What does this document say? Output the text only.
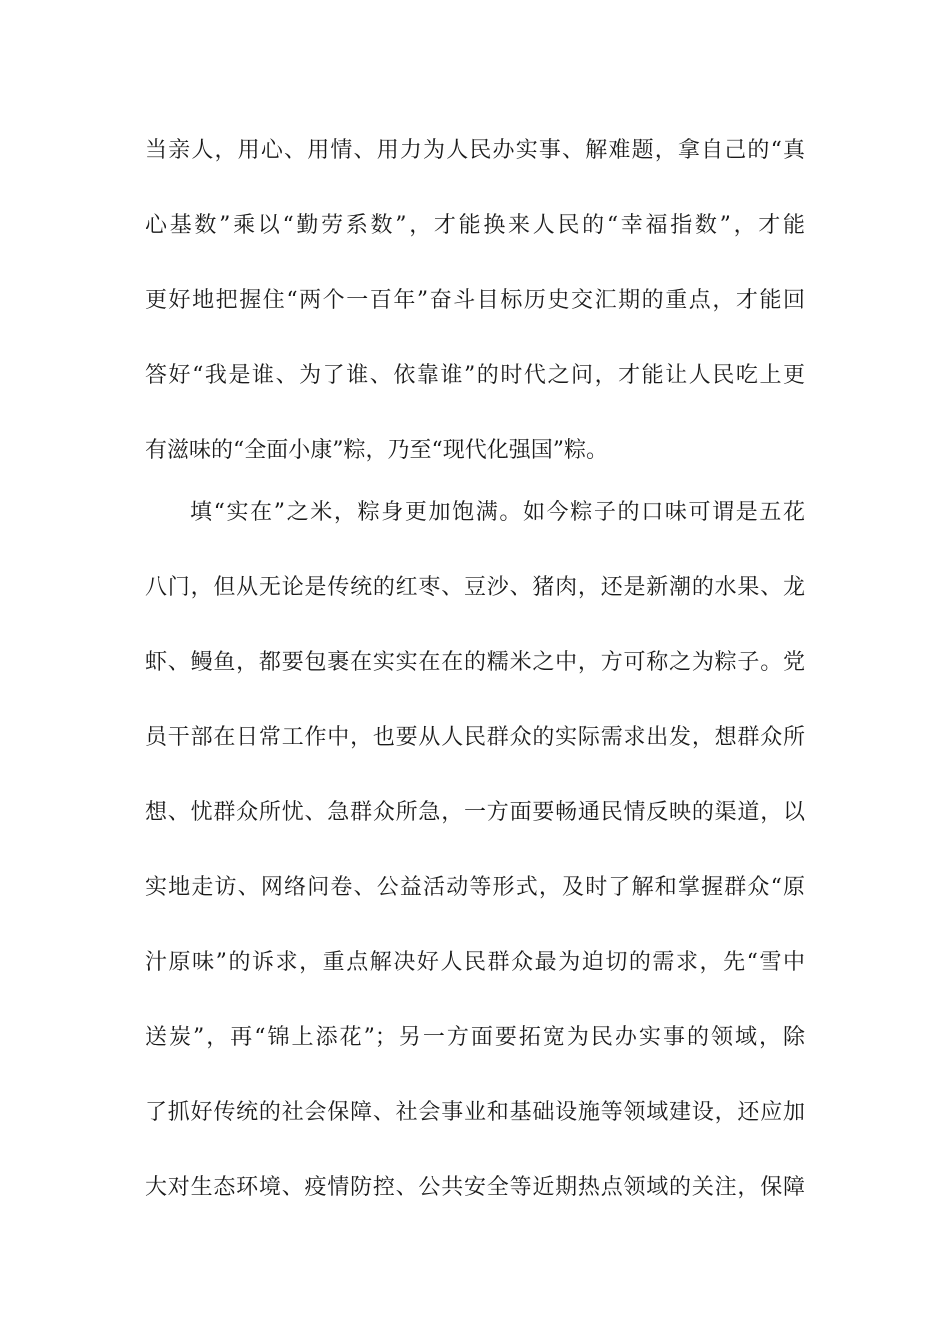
当亲人，用心、用情、用力为人民办实事、解难题，拿自己的“真
心基数”乘以“勤劳系数”，才能换来人民的“幸福指数”，才能
更好地把握住“两个一百年”奋斗目标历史交汇期的重点，才能回
答好“我是谁、为了谁、依靠谁”的时代之问，才能让人民吃上更
有滋味的“全面小康”粽，乃至“现代化强国”粽。
填“实在”之米，粽身更加饱满。如今粽子的口味可谓是五花
八门，但从无论是传统的红枣、豆沙、猪肉，还是新潮的水果、龙
虾、鳗鱼，都要包裹在实实在在的糯米之中，方可称之为粽子。党
员干部在日常工作中，也要从人民群众的实际需求出发，想群众所
想、忧群众所忧、急群众所急，一方面要畅通民情反映的渠道，以
实地走访、网络问卷、公益活动等形式，及时了解和掌握群众“原
汁原味”的诉求，重点解决好人民群众最为迫切的需求，先“雪中
送炭”，再“锦上添花”；另一方面要拓宽为民办实事的领域，除
了抓好传统的社会保障、社会事业和基础设施等领域建设，还应加
大对生态环境、疫情防控、公共安全等近期热点领域的关注，保障
